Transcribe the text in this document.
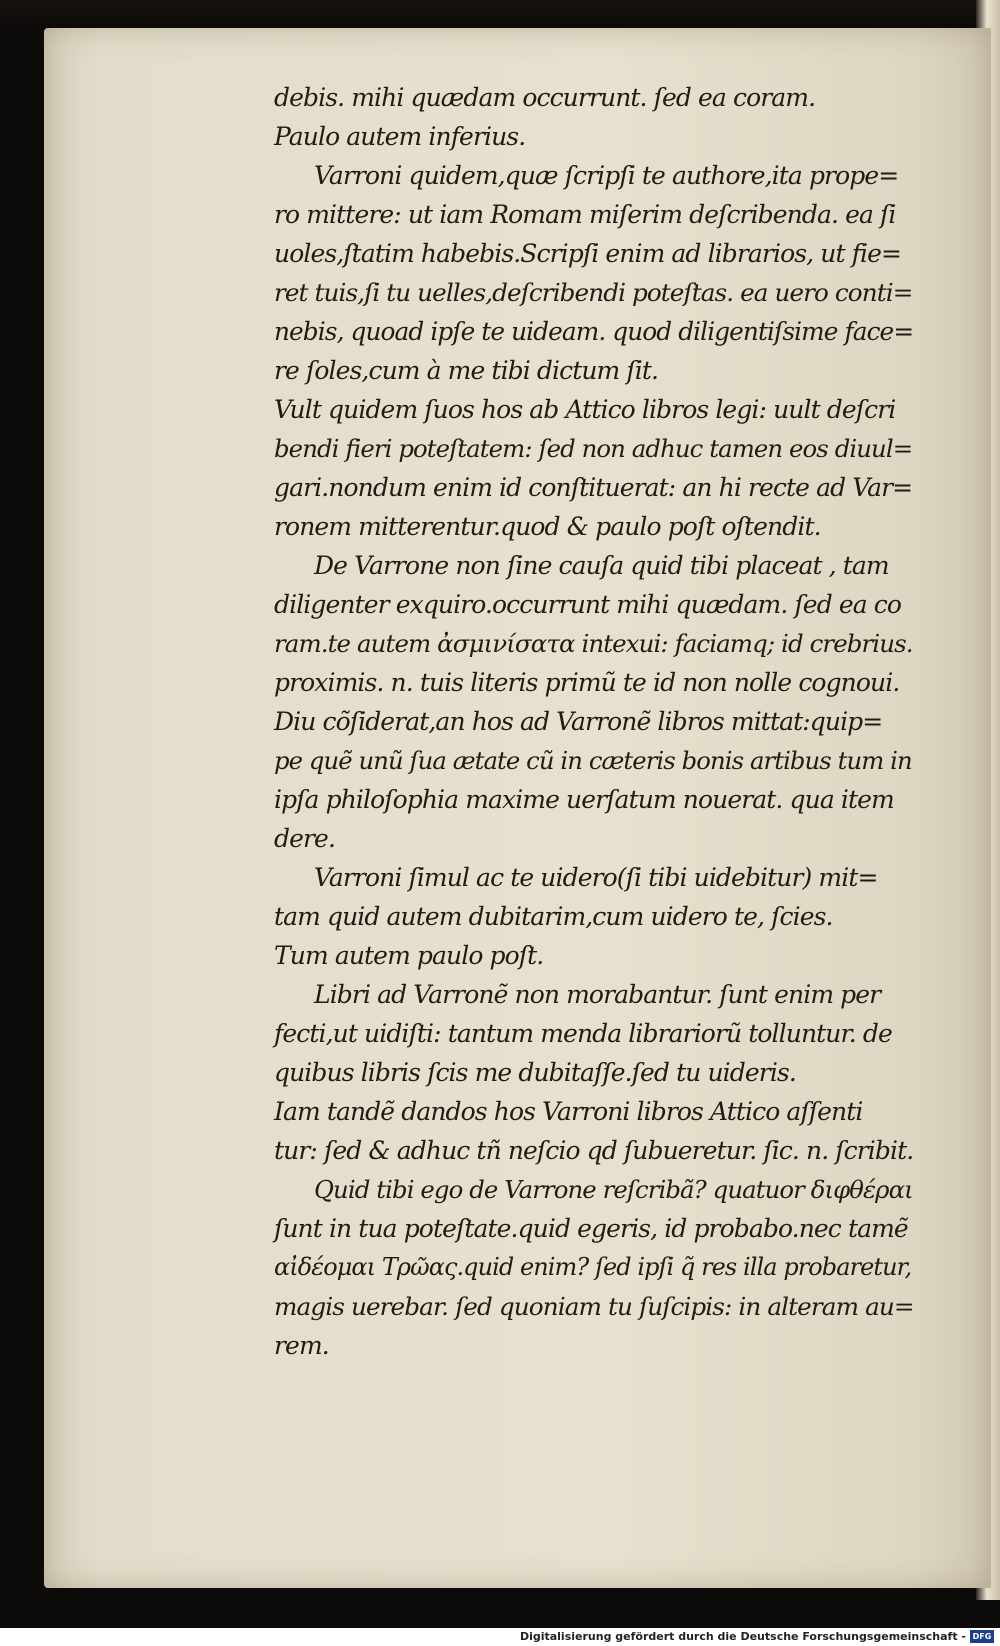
debis. mihi quædam occurrunt. ſed ea coram.
Paulo autem inferius.
Varroni quidem,quæ ſcripſi te authore,ita prope=
ro mittere: ut iam Romam miſerim deſcribenda. ea ſi
uoles,ſtatim habebis.Scripſi enim ad librarios, ut fie=
ret tuis,ſi tu uelles,deſcribendi poteſtas. ea uero conti=
nebis, quoad ipſe te uideam. quod diligentiſsime face=
re ſoles,cum à me tibi dictum ſit.
Vult quidem ſuos hos ab Attico libros legi: uult deſcri
bendi fieri poteſtatem: ſed non adhuc tamen eos diuul=
gari.nondum enim id conſtituerat: an hi recte ad Var=
ronem mitterentur.quod & paulo poſt oſtendit.
De Varrone non ſine cauſa quid tibi placeat , tam
diligenter exquiro.occurrunt mihi quædam. ſed ea co
ram.te autem ἀσμινίσατα intexui: faciamq; id crebrius.
proximis. n. tuis literis primũ te id non nolle cognoui.
Diu cõſiderat,an hos ad Varronẽ libros mittat:quip=
pe quẽ unũ ſua ætate cũ in cæteris bonis artibus tum in
ipſa philoſophia maxime uerſatum nouerat. qua item
dere.
Varroni ſimul ac te uidero(ſi tibi uidebitur) mit=
tam quid autem dubitarim,cum uidero te, ſcies.
Tum autem paulo poſt.
Libri ad Varronẽ non morabantur. ſunt enim per
fecti,ut uidiſti: tantum menda librariorũ tolluntur. de
quibus libris ſcis me dubitaſſe.ſed tu uideris.
Iam tandẽ dandos hos Varroni libros Attico aſſenti
tur: ſed & adhuc tñ neſcio qd ſubueretur. ſic. n. ſcribit.
Quid tibi ego de Varrone reſcribã? quatuor διφθέραι
ſunt in tua poteſtate.quid egeris, id probabo.nec tamẽ
αἰδέομαι Τρῶας.quid enim? ſed ipſi q̃ res illa probaretur,
magis uerebar. ſed quoniam tu ſuſcipis: in alteram au=
rem.
Digitalisierung gefördert durch die Deutsche Forschungsgemeinschaft - DFG
